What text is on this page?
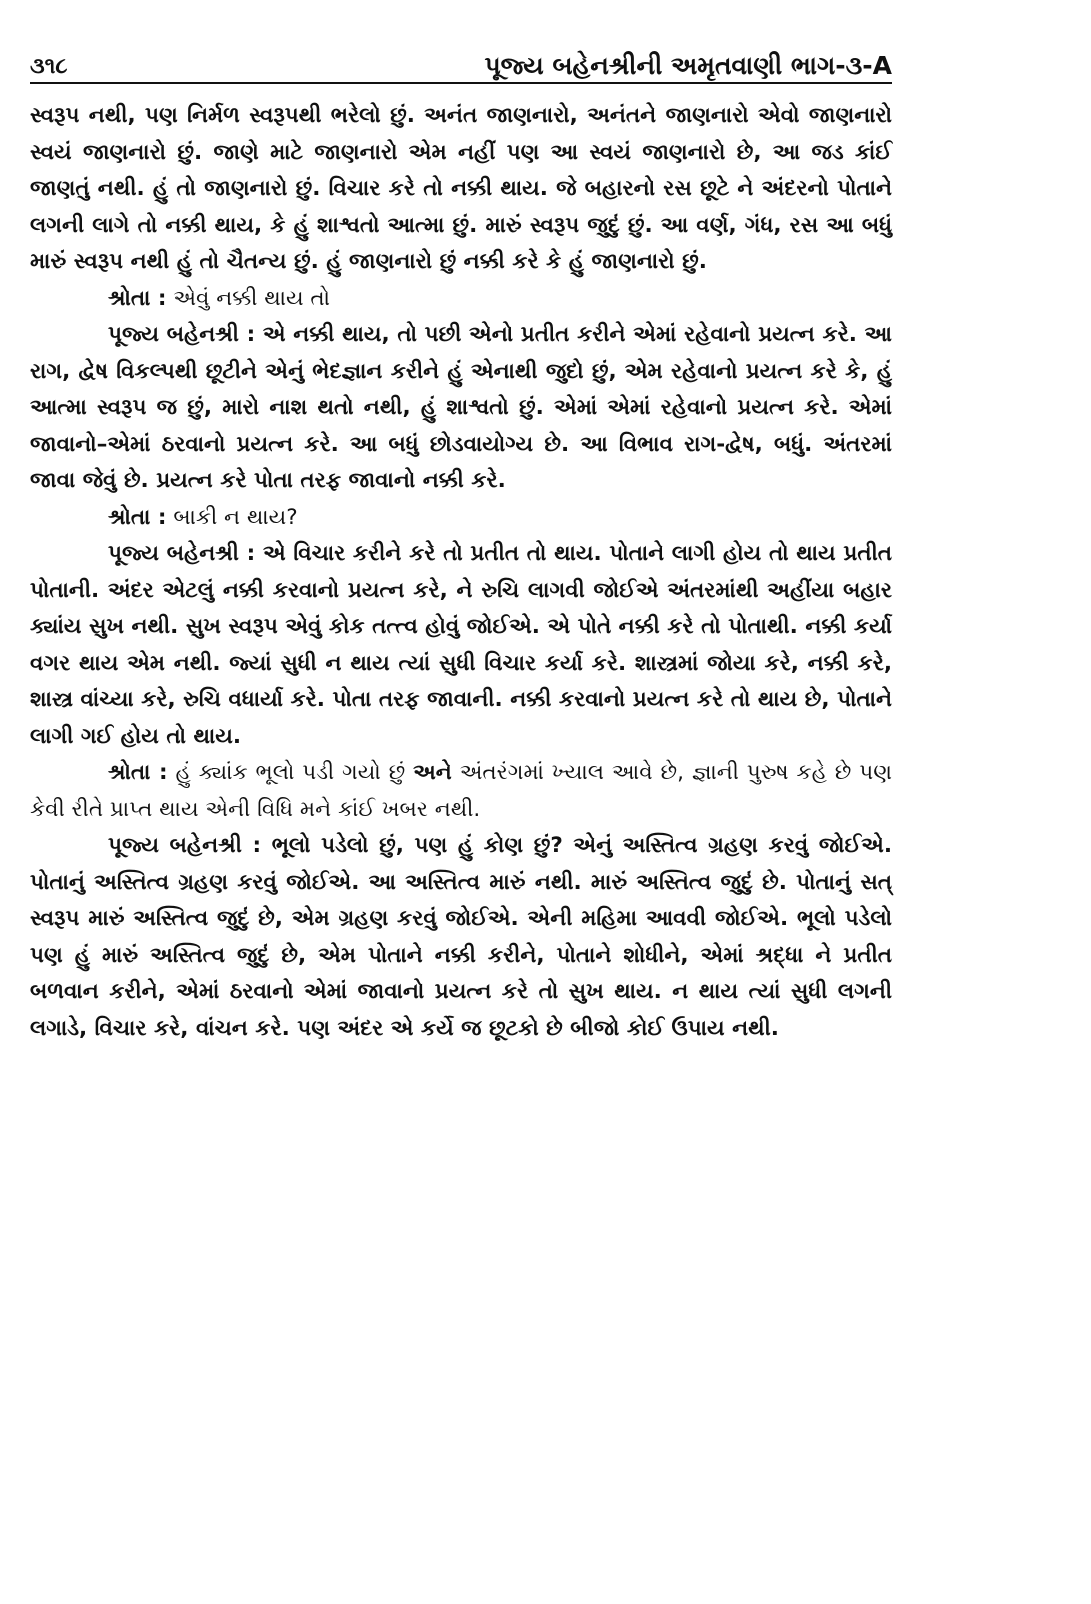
૩૧૮	પૂજ્ય બહેનશ્રીની અમૃતવાણી ભાગ-૩-A

સ્વરૂપ નથી, પણ નિર્મળ સ્વરૂપથી ભરેલો છું. અનંત જાણનારો, અનંતને જાણનારો એવો જાણનારો સ્વયં જાણનારો છું. જાણે માટે જાણનારો એમ નહીં પણ આ સ્વયં જાણનારો છે, આ જડ કાંઈ જાણતું નથી. હું તો જાણનારો છું. વિચાર કરે તો નક્કી થાય. જે બહારનો રસ છૂટે ને અંદરનો પોતાને લગની લાગે તો નક્કી થાય, કે હું શાશ્વતો આત્મા છું. મારું સ્વરૂપ જુદું છું. આ વર્ણ, ગંધ, રસ આ બધું મારું સ્વરૂપ નથી હું તો ચૈતન્ય છું. હું જાણનારો છું નક્કી કરે કે હું જાણનારો છું.

શ્રોતા : એવું નક્કી થાય તો

પૂજ્ય બહેનશ્રી : એ નક્કી થાય, તો પછી એનો પ્રતીત કરીને એમાં રહેવાનો પ્રયત્ન કરે. આ રાગ, દ્વેષ વિકલ્પથી છૂટીને એનું ભેદજ્ઞાન કરીને હું એનાથી જુદો છું, એમ રહેવાનો પ્રયત્ન કરે કે, હું આત્મા સ્વરૂપ જ છું, મારો નાશ થતો નથી, હું શાશ્વતો છું. એમાં એમાં રહેવાનો પ્રયત્ન કરે. એમાં જાવાનો–એમાં ઠરવાનો પ્રયત્ન કરે. આ બધું છોડવાયોગ્ય છે. આ વિભાવ રાગ-દ્વેષ, બધું. અંતરમાં જાવા જેવું છે. પ્રયત્ન કરે પોતા તરફ જાવાનો નક્કી કરે.

શ્રોતા : બાકી ન થાય?

પૂજ્ય બહેનશ્રી : એ વિચાર કરીને કરે તો પ્રતીત તો થાય. પોતાને લાગી હોય તો થાય પ્રતીત પોતાની. અંદર એટલું નક્કી કરવાનો પ્રયત્ન કરે, ને રુચિ લાગવી જોઈએ અંતરમાંથી અહીંયા બહાર ક્યાંય સુખ નથી. સુખ સ્વરૂપ એવું કોક તત્ત્વ હોવું જોઈએ. એ પોતે નક્કી કરે તો પોતાથી. નક્કી કર્યા વગર થાય એમ નથી. જ્યાં સુધી ન થાય ત્યાં સુધી વિચાર કર્યા કરે. શાસ્ત્રમાં જોયા કરે, નક્કી કરે, શાસ્ત્ર વાંચ્યા કરે, રુચિ વધાર્યા કરે. પોતા તરફ જાવાની. નક્કી કરવાનો પ્રયત્ન કરે તો થાય છે, પોતાને લાગી ગઈ હોય તો થાય.

શ્રોતા : હું ક્યાંક ભૂલો પડી ગયો છું અને અંતરંગમાં ખ્યાલ આવે છે, જ્ઞાની પુરુષ કહે છે પણ કેવી રીતે પ્રાપ્ત થાય એની વિધિ મને કાંઈ ખબર નથી.

પૂજ્ય બહેનશ્રી : ભૂલો પડેલો છું, પણ હું કોણ છું? એનું અસ્તિત્વ ગ્રહણ કરવું જોઈએ. પોતાનું અસ્તિત્વ ગ્રહણ કરવું જોઈએ. આ અસ્તિત્વ મારું નથી. મારું અસ્તિત્વ જુદું છે. પોતાનું સત્ સ્વરૂપ મારું અસ્તિત્વ જુદું છે, એમ ગ્રહણ કરવું જોઈએ. એની મહિમા આવવી જોઈએ. ભૂલો પડેલો પણ હું મારું અસ્તિત્વ જુદું છે, એમ પોતાને નક્કી કરીને, પોતાને શોધીને, એમાં શ્રદ્ધા ને પ્રતીત બળવાન કરીને, એમાં ઠરવાનો એમાં જાવાનો પ્રયત્ન કરે તો સુખ થાય. ન થાય ત્યાં સુધી લગની લગાડે, વિચાર કરે, વાંચન કરે. પણ અંદર એ કર્યે જ છૂટકો છે બીજો કોઈ ઉપાય નથી.
